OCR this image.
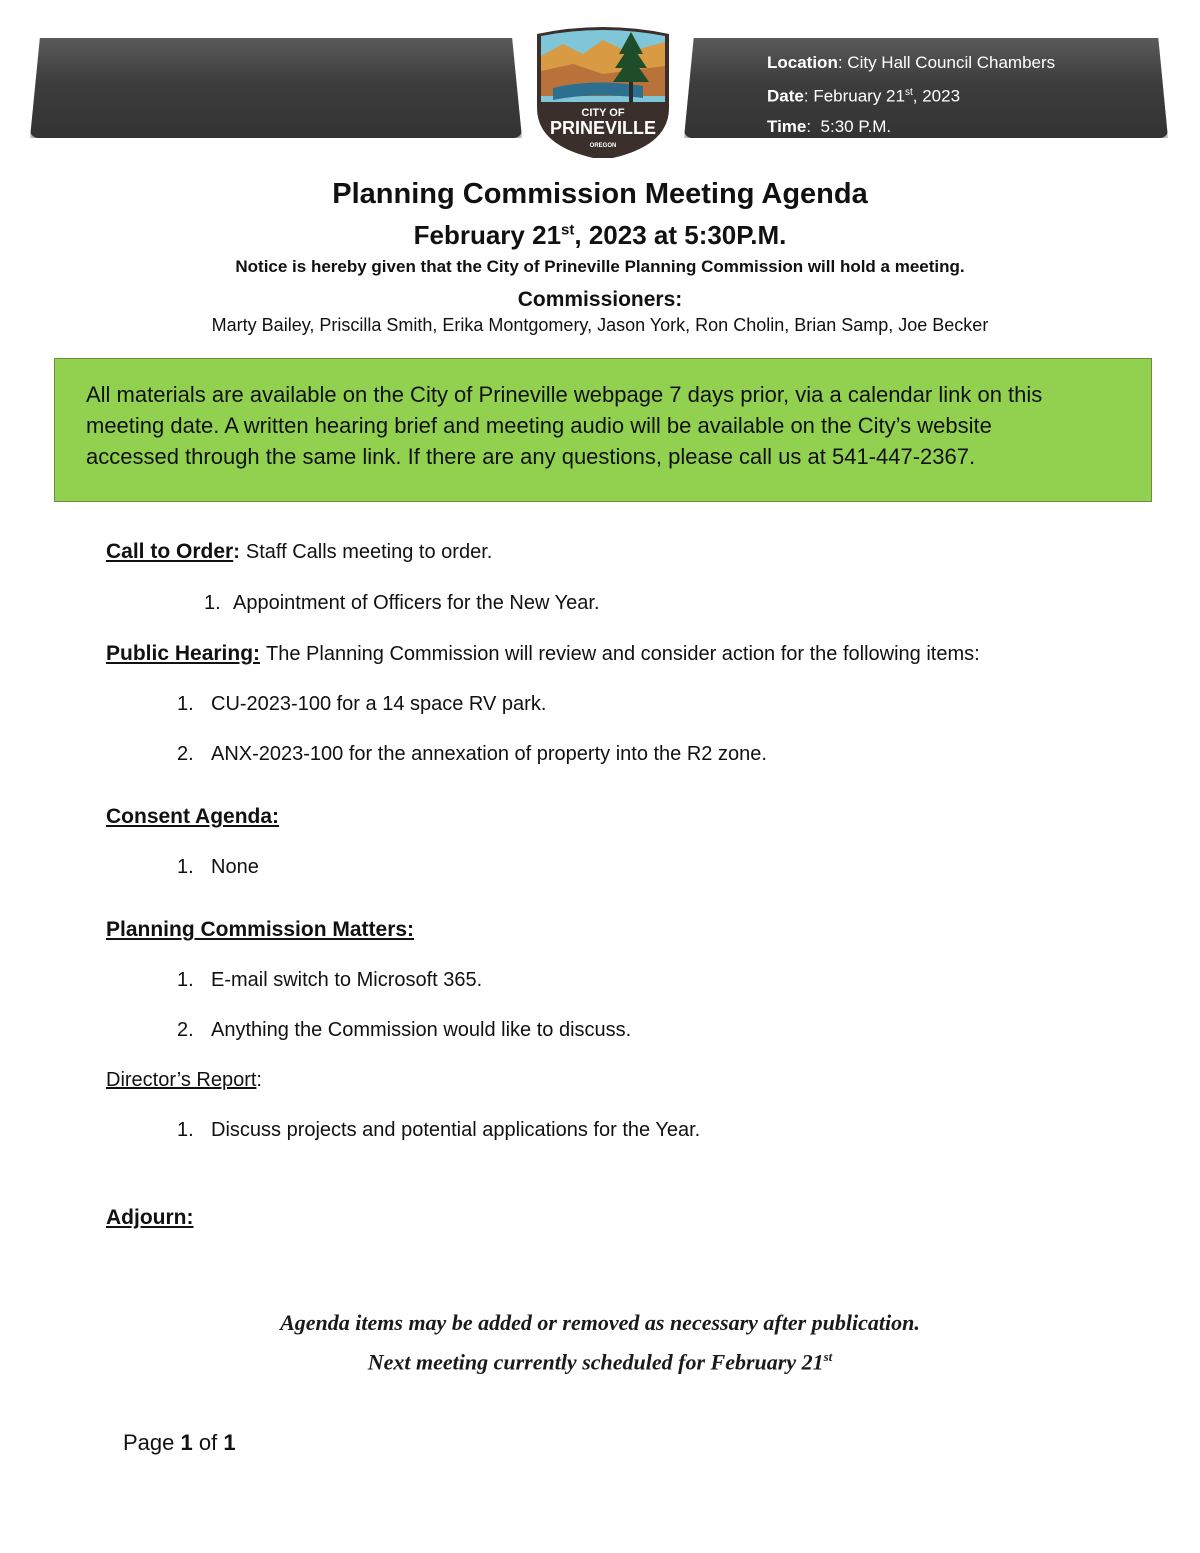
Location: City Hall Council Chambers
Date: February 21st, 2023
Time:  5:30 P.M.
CITY OF
PRINEVILLE
OREGON
Planning Commission Meeting Agenda
February 21st, 2023 at 5:30P.M.
Notice is hereby given that the City of Prineville Planning Commission will hold a meeting.
Commissioners:
Marty Bailey, Priscilla Smith, Erika Montgomery, Jason York, Ron Cholin, Brian Samp, Joe Becker
All materials are available on the City of Prineville webpage 7 days prior, via a calendar link on this
meeting date. A written hearing brief and meeting audio will be available on the City’s website
accessed through the same link. If there are any questions, please call us at 541-447-2367.
Call to Order: Staff Calls meeting to order.
1. Appointment of Officers for the New Year.
Public Hearing: The Planning Commission will review and consider action for the following items:
1. CU-2023-100 for a 14 space RV park.
2. ANX-2023-100 for the annexation of property into the R2 zone.
Consent Agenda:
1. None
Planning Commission Matters:
1. E-mail switch to Microsoft 365.
2. Anything the Commission would like to discuss.
Director’s Report:
1. Discuss projects and potential applications for the Year.
Adjourn:
Agenda items may be added or removed as necessary after publication.
Next meeting currently scheduled for February 21st
Page 1 of 1
